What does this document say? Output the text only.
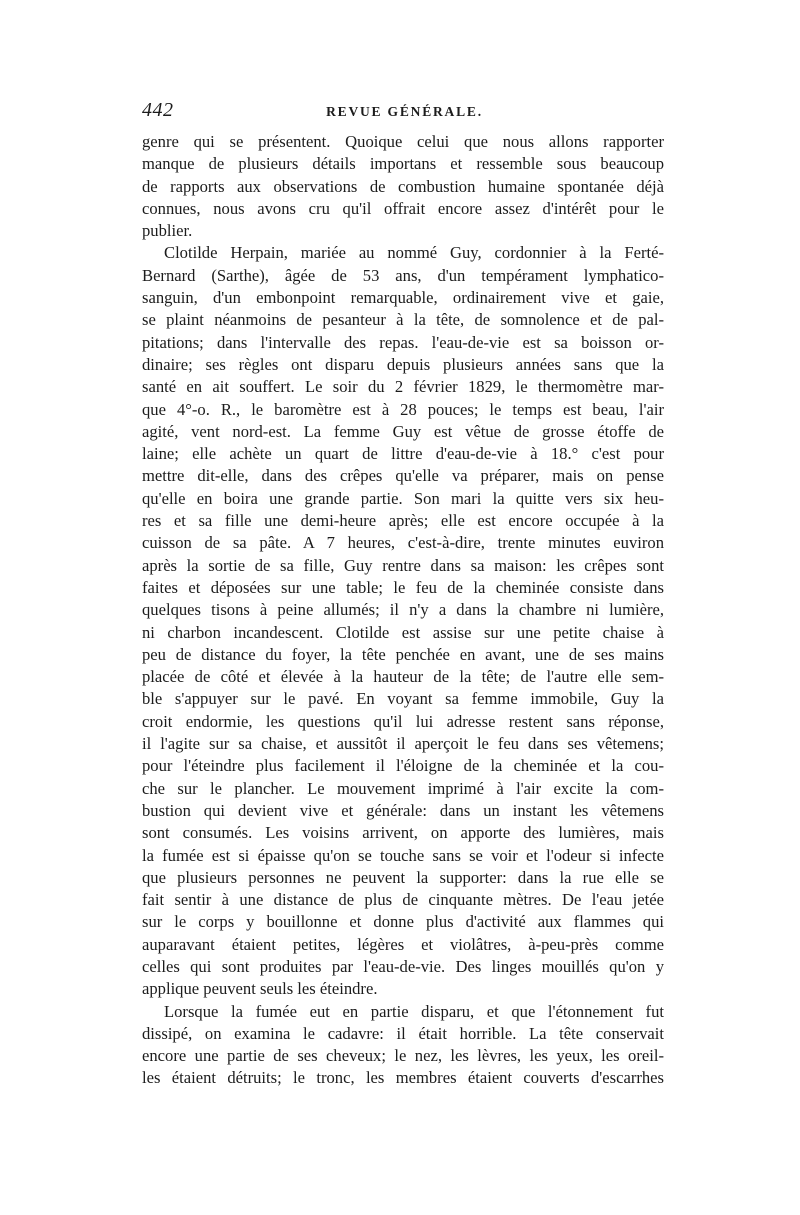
442	REVUE GÉNÉRALE.
genre qui se présentent. Quoique celui que nous allons rapporter
manque de plusieurs détails importans et ressemble sous beaucoup
de rapports aux observations de combustion humaine spontanée déjà
connues, nous avons cru qu'il offrait encore assez d'intérêt pour le
publier.
Clotilde Herpain, mariée au nommé Guy, cordonnier à la Ferté-
Bernard (Sarthe), âgée de 53 ans, d'un tempérament lymphatico-
sanguin, d'un embonpoint remarquable, ordinairement vive et gaie,
se plaint néanmoins de pesanteur à la tête, de somnolence et de pal-
pitations; dans l'intervalle des repas. l'eau-de-vie est sa boisson or-
dinaire; ses règles ont disparu depuis plusieurs années sans que la
santé en ait souffert. Le soir du 2 février 1829, le thermomètre mar-
que 4°-o. R., le baromètre est à 28 pouces; le temps est beau, l'air
agité, vent nord-est. La femme Guy est vêtue de grosse étoffe de
laine; elle achète un quart de littre d'eau-de-vie à 18.° c'est pour
mettre dit-elle, dans des crêpes qu'elle va préparer, mais on pense
qu'elle en boira une grande partie. Son mari la quitte vers six heu-
res et sa fille une demi-heure après; elle est encore occupée à la
cuisson de sa pâte. A 7 heures, c'est-à-dire, trente minutes euviron
après la sortie de sa fille, Guy rentre dans sa maison: les crêpes sont
faites et déposées sur une table; le feu de la cheminée consiste dans
quelques tisons à peine allumés; il n'y a dans la chambre ni lumière,
ni charbon incandescent. Clotilde est assise sur une petite chaise à
peu de distance du foyer, la tête penchée en avant, une de ses mains
placée de côté et élevée à la hauteur de la tête; de l'autre elle sem-
ble s'appuyer sur le pavé. En voyant sa femme immobile, Guy la
croit endormie, les questions qu'il lui adresse restent sans réponse,
il l'agite sur sa chaise, et aussitôt il aperçoit le feu dans ses vêtemens;
pour l'éteindre plus facilement il l'éloigne de la cheminée et la cou-
che sur le plancher. Le mouvement imprimé à l'air excite la com-
bustion qui devient vive et générale: dans un instant les vêtemens
sont consumés. Les voisins arrivent, on apporte des lumières, mais
la fumée est si épaisse qu'on se touche sans se voir et l'odeur si infecte
que plusieurs personnes ne peuvent la supporter: dans la rue elle se
fait sentir à une distance de plus de cinquante mètres. De l'eau jetée
sur le corps y bouillonne et donne plus d'activité aux flammes qui
auparavant étaient petites, légères et violâtres, à-peu-près comme
celles qui sont produites par l'eau-de-vie. Des linges mouillés qu'on y
applique peuvent seuls les éteindre.
Lorsque la fumée eut en partie disparu, et que l'étonnement fut
dissipé, on examina le cadavre: il était horrible. La tête conservait
encore une partie de ses cheveux; le nez, les lèvres, les yeux, les oreil-
les étaient détruits; le tronc, les membres étaient couverts d'escarrhes
